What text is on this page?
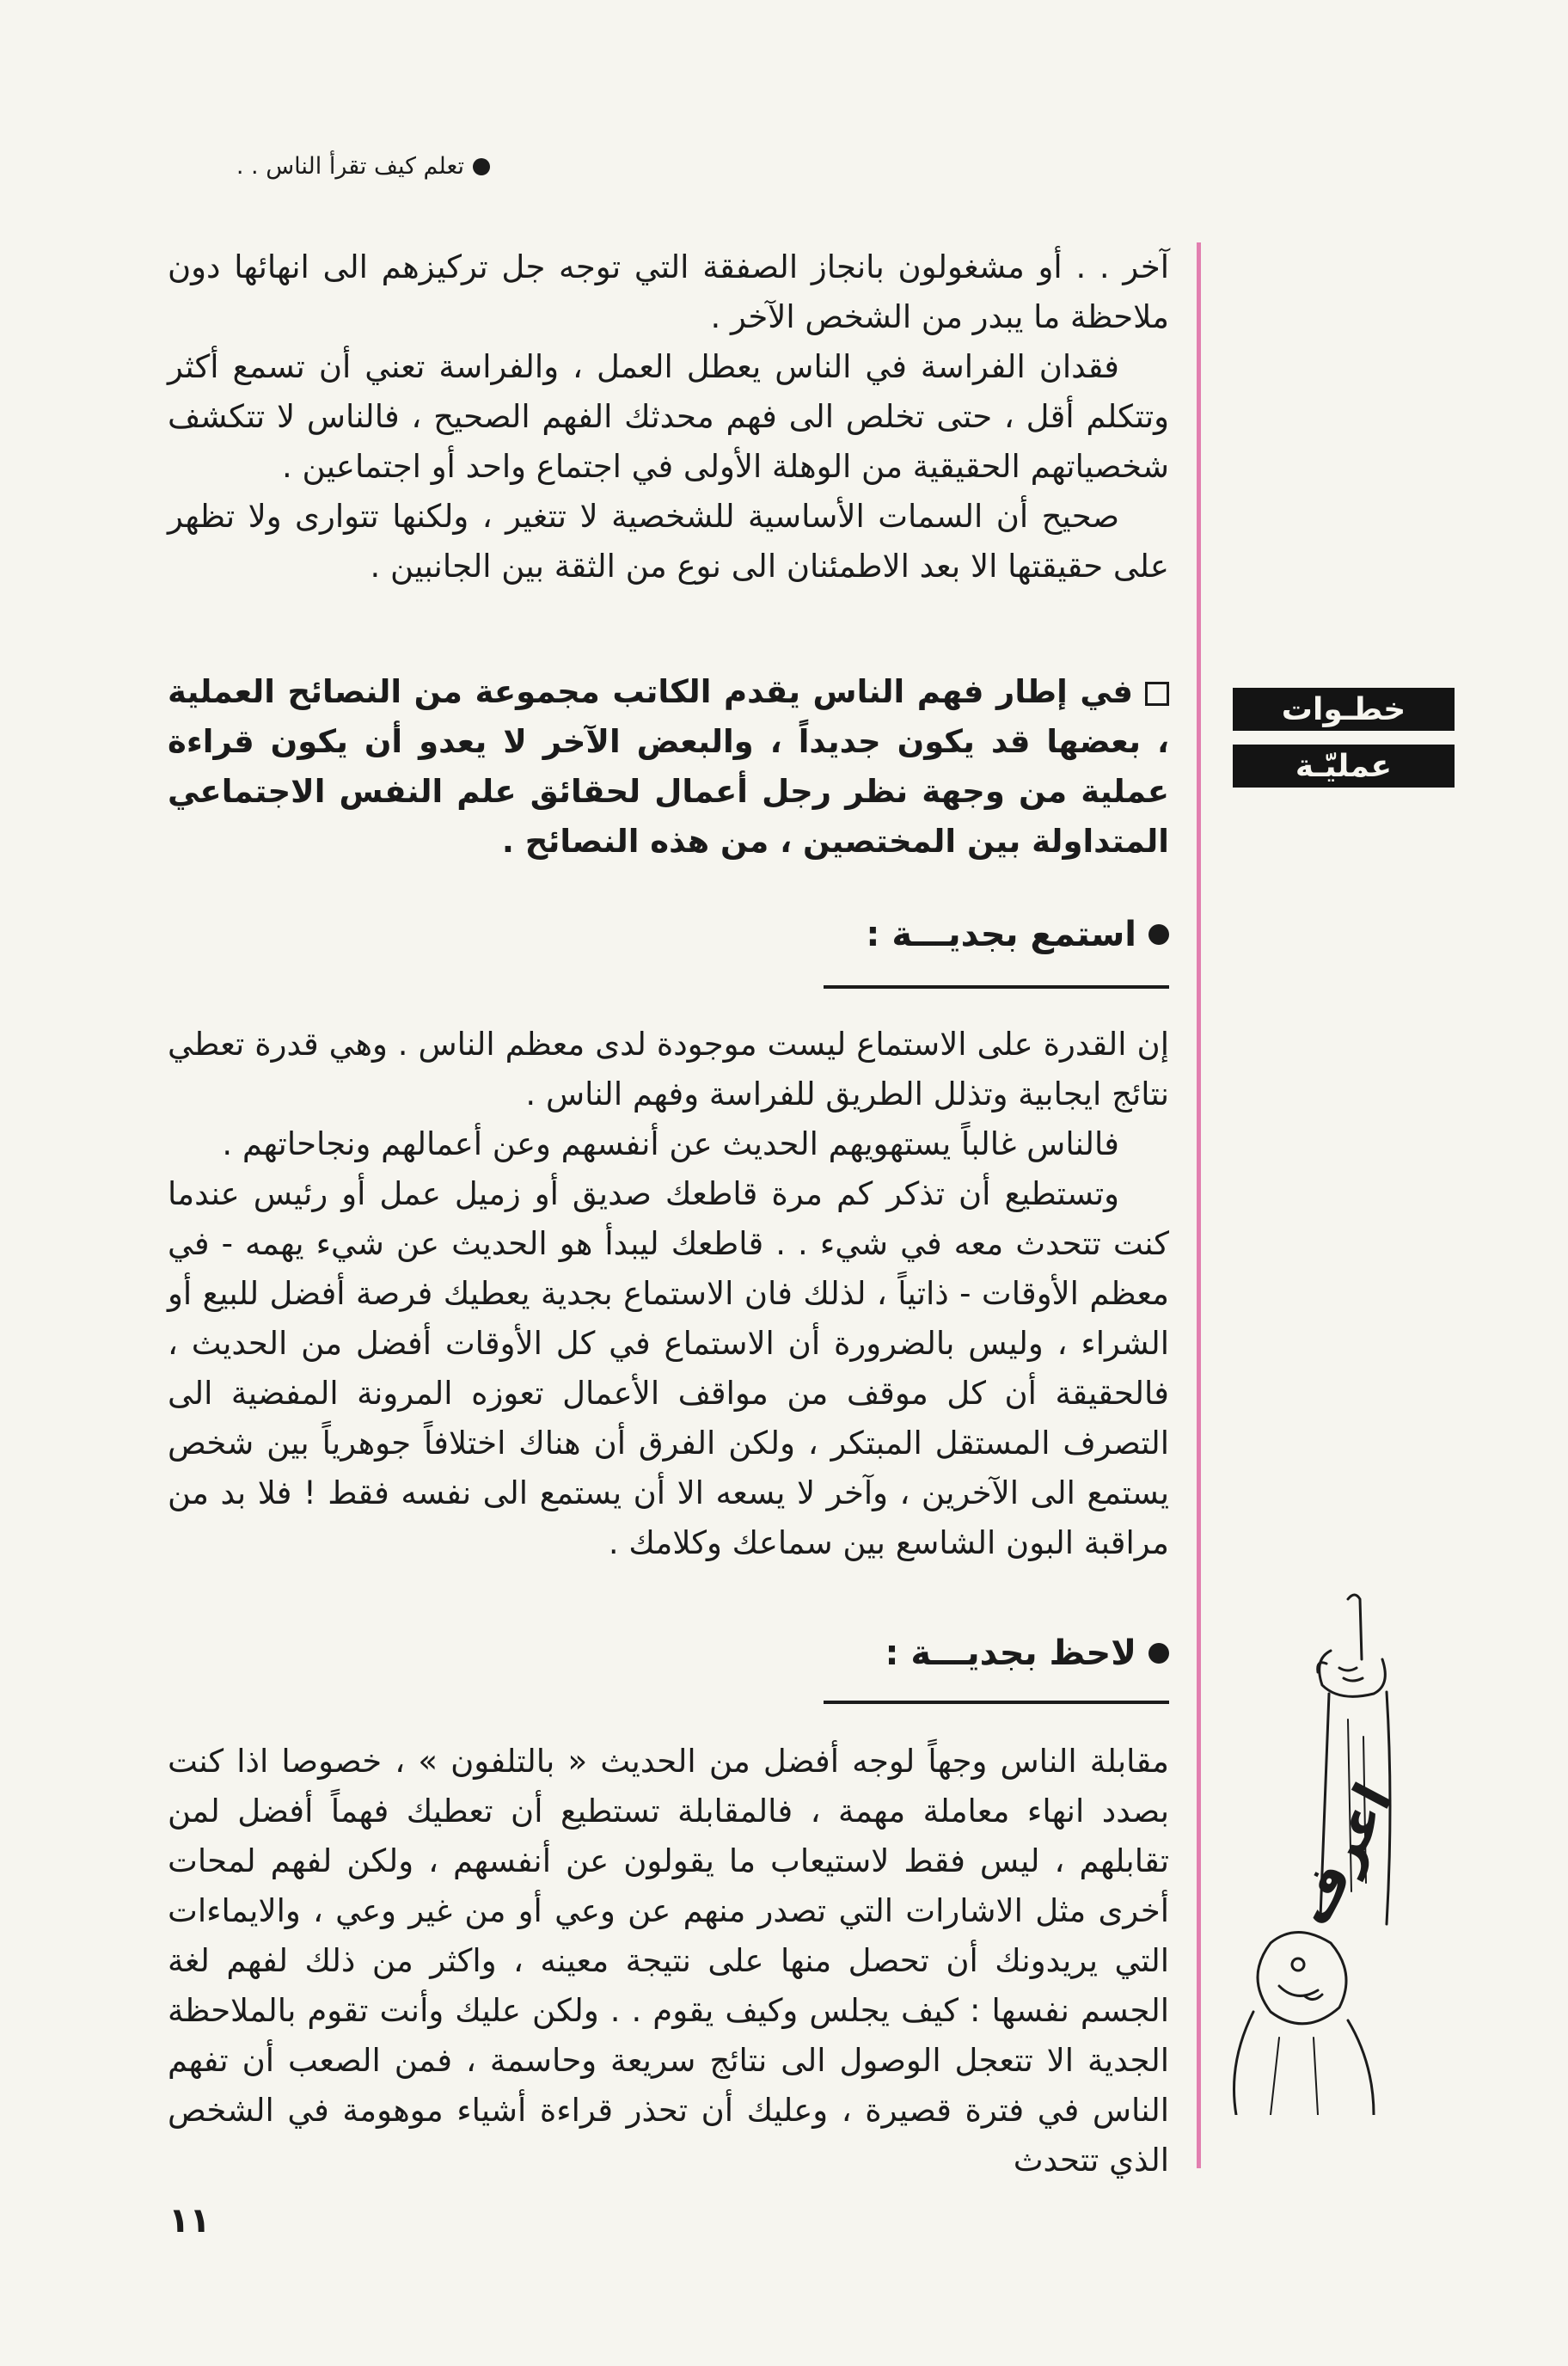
تعلم كيف تقرأ الناس . .

آخر . . أو مشغولون بانجاز الصفقة التي توجه جل تركيزهم الى انهائها دون ملاحظة ما يبدر من الشخص الآخر .

فقدان الفراسة في الناس يعطل العمل ، والفراسة تعني أن تسمع أكثر وتتكلم أقل ، حتى تخلص الى فهم محدثك الفهم الصحيح ، فالناس لا تتكشف شخصياتهم الحقيقية من الوهلة الأولى في اجتماع واحد أو اجتماعين .

صحيح أن السمات الأساسية للشخصية لا تتغير ، ولكنها تتوارى ولا تظهر على حقيقتها الا بعد الاطمئنان الى نوع من الثقة بين الجانبين .

خطـوات
عمليّـة

في إطار فهم الناس يقدم الكاتب مجموعة من النصائح العملية ، بعضها قد يكون جديداً ، والبعض الآخر لا يعدو أن يكون قراءة عملية من وجهة نظر رجل أعمال لحقائق علم النفس الاجتماعي المتداولة بين المختصين ، من هذه النصائح .

استمع بجديـــة :

إن القدرة على الاستماع ليست موجودة لدى معظم الناس . وهي قدرة تعطي نتائج ايجابية وتذلل الطريق للفراسة وفهم الناس .

فالناس غالباً يستهويهم الحديث عن أنفسهم وعن أعمالهم ونجاحاتهم .

وتستطيع أن تذكر كم مرة قاطعك صديق أو زميل عمل أو رئيس عندما كنت تتحدث معه في شيء . . قاطعك ليبدأ هو الحديث عن شيء يهمه - في معظم الأوقات - ذاتياً ، لذلك فان الاستماع بجدية يعطيك فرصة أفضل للبيع أو الشراء ، وليس بالضرورة أن الاستماع في كل الأوقات أفضل من الحديث ، فالحقيقة أن كل موقف من مواقف الأعمال تعوزه المرونة المفضية الى التصرف المستقل المبتكر ، ولكن الفرق أن هناك اختلافاً جوهرياً بين شخص يستمع الى الآخرين ، وآخر لا يسعه الا أن يستمع الى نفسه فقط ! فلا بد من مراقبة البون الشاسع بين سماعك وكلامك .

لاحظ بجديـــة :

مقابلة الناس وجهاً لوجه أفضل من الحديث « بالتلفون » ، خصوصا اذا كنت بصدد انهاء معاملة مهمة ، فالمقابلة تستطيع أن تعطيك فهماً أفضل لمن تقابلهم ، ليس فقط لاستيعاب ما يقولون عن أنفسهم ، ولكن لفهم لمحات أخرى مثل الاشارات التي تصدر منهم عن وعي أو من غير وعي ، والايماءات التي يريدونك أن تحصل منها على نتيجة معينه ، واكثر من ذلك لفهم لغة الجسم نفسها : كيف يجلس وكيف يقوم . . ولكن عليك وأنت تقوم بالملاحظة الجدية الا تتعجل الوصول الى نتائج سريعة وحاسمة ، فمن الصعب أن تفهم الناس في فترة قصيرة ، وعليك أن تحذر قراءة أشياء موهومة في الشخص الذي تتحدث

اعرف
١١
